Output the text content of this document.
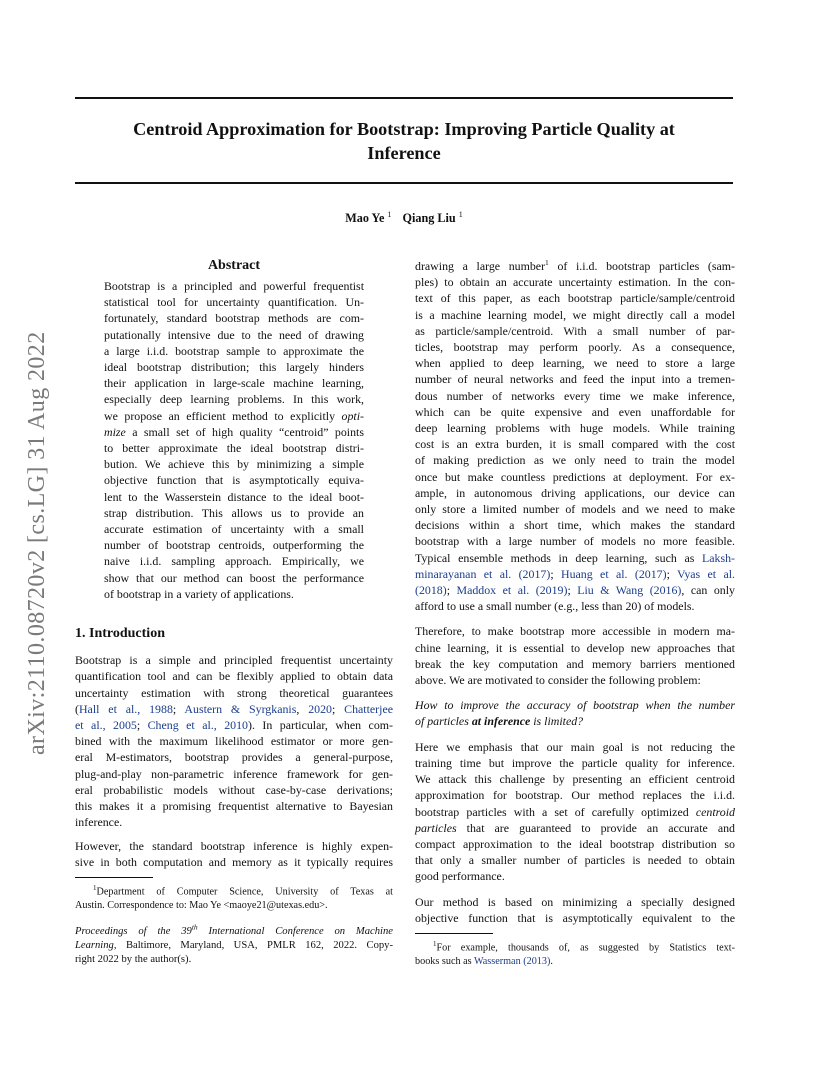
arXiv:2110.08720v2 [cs.LG] 31 Aug 2022
Centroid Approximation for Bootstrap: Improving Particle Quality at
Inference
Mao Ye $^1$ Qiang Liu $^1$
Abstract
Bootstrap is a principled and powerful frequentist
statistical tool for uncertainty quantification. Un-
fortunately, standard bootstrap methods are com-
putationally intensive due to the need of drawing
a large i.i.d. bootstrap sample to approximate the
ideal bootstrap distribution; this largely hinders
their application in large-scale machine learning,
especially deep learning problems. In this work,
we propose an efficient method to explicitly opti-
mize a small set of high quality “centroid” points
to better approximate the ideal bootstrap distri-
bution. We achieve this by minimizing a simple
objective function that is asymptotically equiva-
lent to the Wasserstein distance to the ideal boot-
strap distribution. This allows us to provide an
accurate estimation of uncertainty with a small
number of bootstrap centroids, outperforming the
naive i.i.d. sampling approach. Empirically, we
show that our method can boost the performance
of bootstrap in a variety of applications.
1. Introduction
Bootstrap is a simple and principled frequentist uncertainty
quantification tool and can be flexibly applied to obtain data
uncertainty estimation with strong theoretical guarantees
(Hall et al., 1988; Austern & Syrgkanis, 2020; Chatterjee
et al., 2005; Cheng et al., 2010). In particular, when com-
bined with the maximum likelihood estimator or more gen-
eral M-estimators, bootstrap provides a general-purpose,
plug-and-play non-parametric inference framework for gen-
eral probabilistic models without case-by-case derivations;
this makes it a promising frequentist alternative to Bayesian
inference.
However, the standard bootstrap inference is highly expen-
sive in both computation and memory as it typically requires
$^1$Department of Computer Science, University of Texas at
Austin. Correspondence to: Mao Ye <maoye21@utexas.edu>.
Proceedings of the 39th International Conference on Machine
Learning, Baltimore, Maryland, USA, PMLR 162, 2022. Copy-
right 2022 by the author(s).
drawing a large number$^1$ of i.i.d. bootstrap particles (sam-
ples) to obtain an accurate uncertainty estimation. In the con-
text of this paper, as each bootstrap particle/sample/centroid
is a machine learning model, we might directly call a model
as particle/sample/centroid. With a small number of par-
ticles, bootstrap may perform poorly. As a consequence,
when applied to deep learning, we need to store a large
number of neural networks and feed the input into a tremen-
dous number of networks every time we make inference,
which can be quite expensive and even unaffordable for
deep learning problems with huge models. While training
cost is an extra burden, it is small compared with the cost
of making prediction as we only need to train the model
once but make countless predictions at deployment. For ex-
ample, in autonomous driving applications, our device can
only store a limited number of models and we need to make
decisions within a short time, which makes the standard
bootstrap with a large number of models no more feasible.
Typical ensemble methods in deep learning, such as Laksh-
minarayanan et al. (2017); Huang et al. (2017); Vyas et al.
(2018); Maddox et al. (2019); Liu & Wang (2016), can only
afford to use a small number (e.g., less than 20) of models.
Therefore, to make bootstrap more accessible in modern ma-
chine learning, it is essential to develop new approaches that
break the key computation and memory barriers mentioned
above. We are motivated to consider the following problem:
How to improve the accuracy of bootstrap when the number
of particles at inference is limited?
Here we emphasis that our main goal is not reducing the
training time but improve the particle quality for inference.
We attack this challenge by presenting an efficient centroid
approximation for bootstrap. Our method replaces the i.i.d.
bootstrap particles with a set of carefully optimized centroid
particles that are guaranteed to provide an accurate and
compact approximation to the ideal bootstrap distribution so
that only a smaller number of particles is needed to obtain
good performance.
Our method is based on minimizing a specially designed
objective function that is asymptotically equivalent to the
$^1$For example, thousands of, as suggested by Statistics text-
books such as Wasserman (2013).
